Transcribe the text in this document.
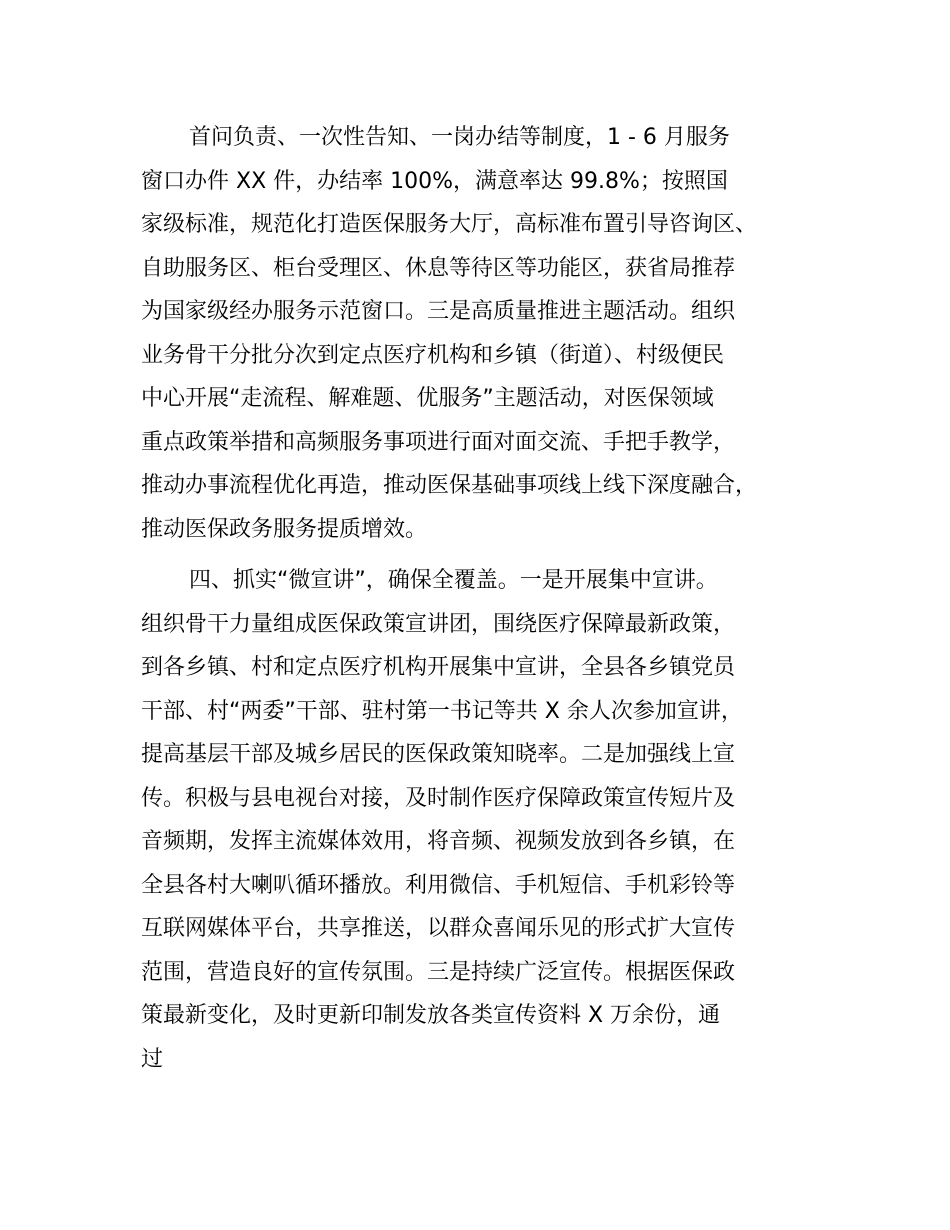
首问负责、一次性告知、一岗办结等制度，1 - 6 月服务
窗口办件 XX 件，办结率 100%，满意率达 99.8%；按照国
家级标准，规范化打造医保服务大厅，高标准布置引导咨询区、
自助服务区、柜台受理区、休息等待区等功能区，获省局推荐
为国家级经办服务示范窗口。三是高质量推进主题活动。组织
业务骨干分批分次到定点医疗机构和乡镇（街道）、村级便民
中心开展“走流程、解难题、优服务”主题活动，对医保领域
重点政策举措和高频服务事项进行面对面交流、手把手教学，
推动办事流程优化再造，推动医保基础事项线上线下深度融合，
推动医保政务服务提质增效。
四、抓实“微宣讲”，确保全覆盖。一是开展集中宣讲。
组织骨干力量组成医保政策宣讲团，围绕医疗保障最新政策，
到各乡镇、村和定点医疗机构开展集中宣讲，全县各乡镇党员
干部、村“两委”干部、驻村第一书记等共 X 余人次参加宣讲，
提高基层干部及城乡居民的医保政策知晓率。二是加强线上宣
传。积极与县电视台对接，及时制作医疗保障政策宣传短片及
音频期，发挥主流媒体效用，将音频、视频发放到各乡镇，在
全县各村大喇叭循环播放。利用微信、手机短信、手机彩铃等
互联网媒体平台，共享推送，以群众喜闻乐见的形式扩大宣传
范围，营造良好的宣传氛围。三是持续广泛宣传。根据医保政
策最新变化，及时更新印制发放各类宣传资料 X 万余份，通
过
